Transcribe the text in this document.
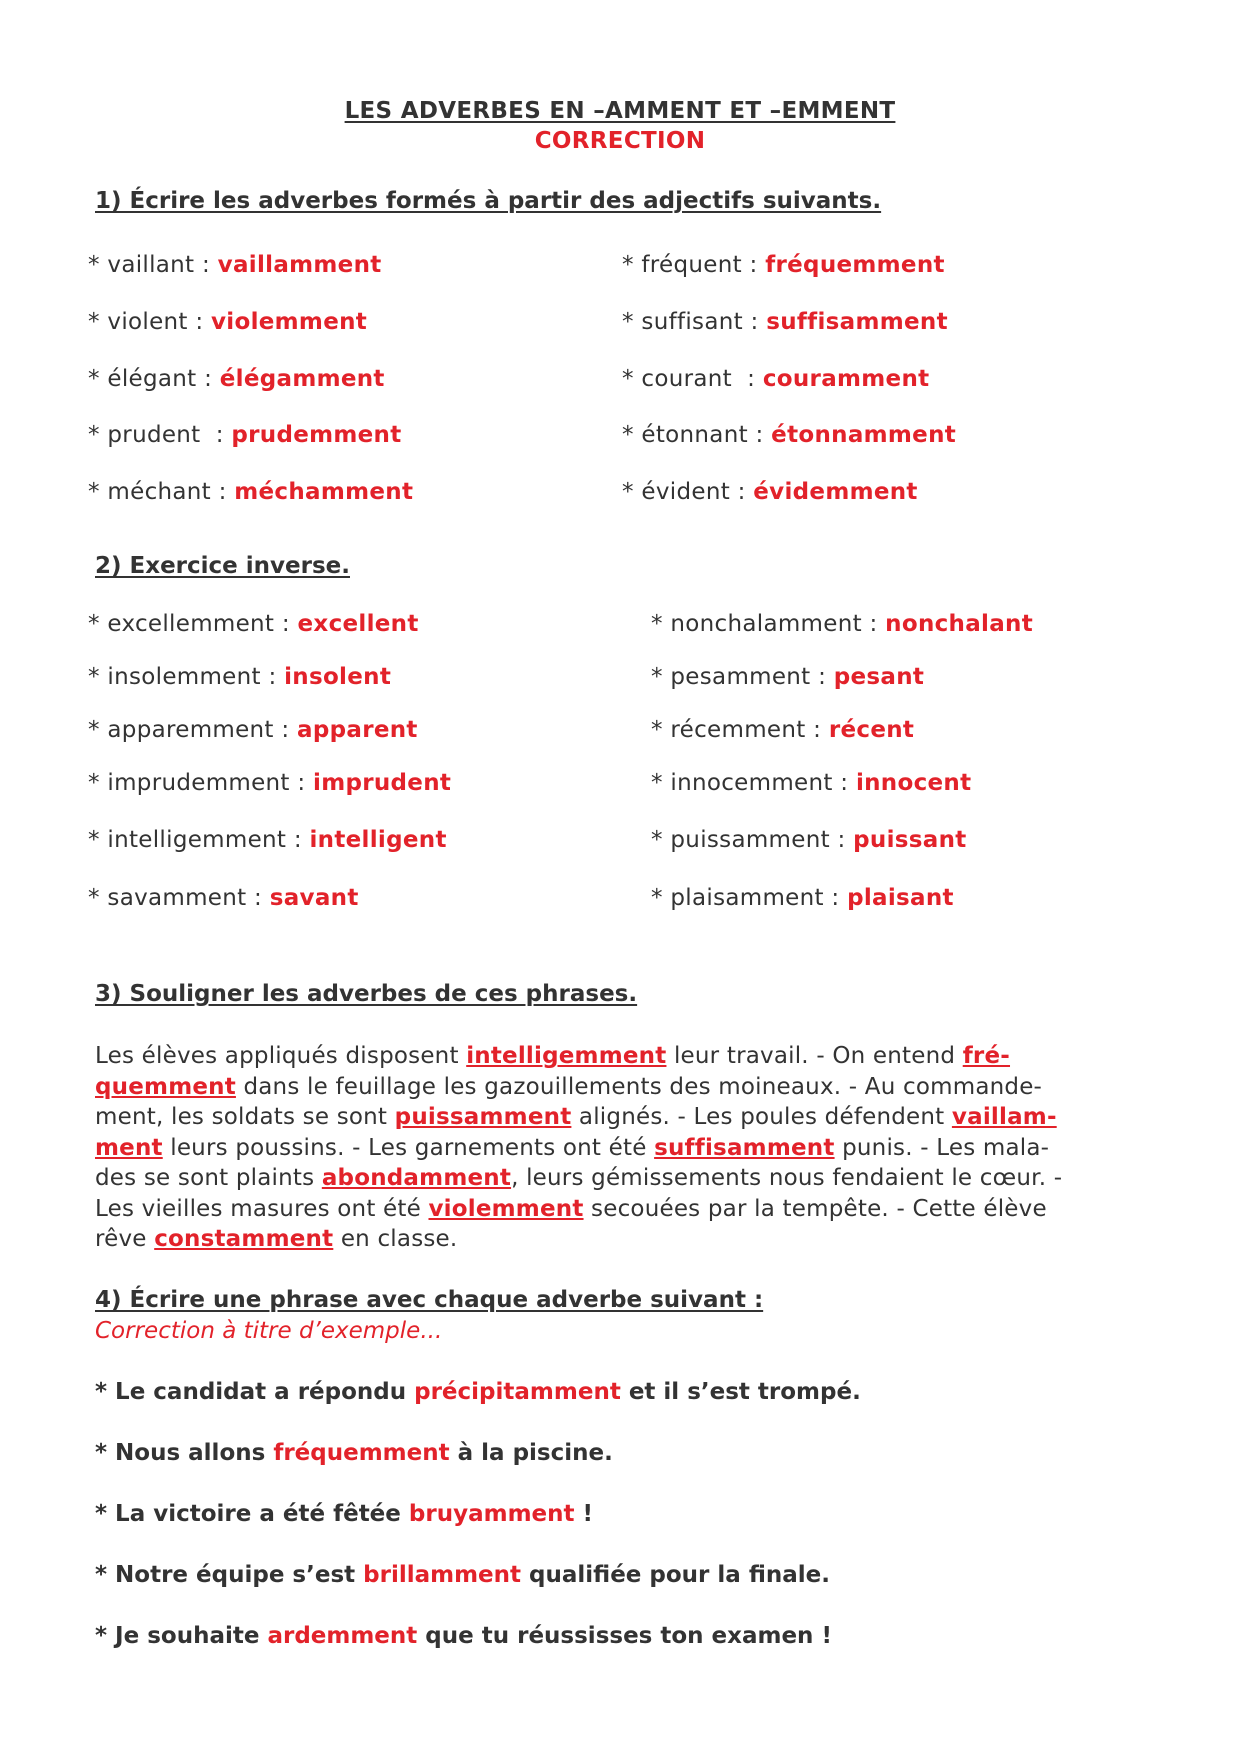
LES ADVERBES EN –AMMENT ET –EMMENT
CORRECTION
1) Écrire les adverbes formés à partir des adjectifs suivants.
* vaillant : vaillamment
* violent : violemment
* élégant : élégamment
* prudent  : prudemment
* méchant : méchamment
* fréquent : fréquemment
* suffisant : suffisamment
* courant  : couramment
* étonnant : étonnamment
* évident : évidemment
2) Exercice inverse.
* excellemment : excellent
* insolemment : insolent
* apparemment : apparent
* imprudemment : imprudent
* intelligemment : intelligent
* savamment : savant
* nonchalamment : nonchalant
* pesamment : pesant
* récemment : récent
* innocemment : innocent
* puissamment : puissant
* plaisamment : plaisant
3) Souligner les adverbes de ces phrases.
Les élèves appliqués disposent intelligemment leur travail. - On entend fré-
quemment dans le feuillage les gazouillements des moineaux. - Au commande-
ment, les soldats se sont puissamment alignés. - Les poules défendent vaillam-
ment leurs poussins. - Les garnements ont été suffisamment punis. - Les mala-
des se sont plaints abondamment, leurs gémissements nous fendaient le cœur. -
Les vieilles masures ont été violemment secouées par la tempête. - Cette élève
rêve constamment en classe.
4) Écrire une phrase avec chaque adverbe suivant :
Correction à titre d’exemple...
* Le candidat a répondu précipitamment et il s’est trompé.
* Nous allons fréquemment à la piscine.
* La victoire a été fêtée bruyamment !
* Notre équipe s’est brillamment qualifiée pour la finale.
* Je souhaite ardemment que tu réussisses ton examen !
